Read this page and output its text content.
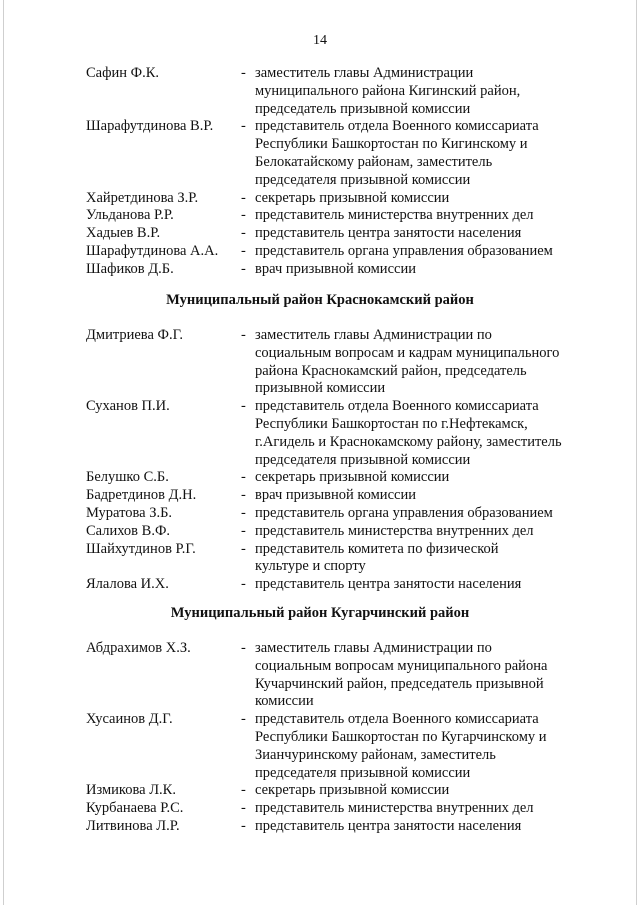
14
Сафин Ф.К.	- заместитель главы Администрации
муниципального района Кигинский район,
председатель призывной комиссии
Шарафутдинова В.Р.	- представитель отдела Военного комиссариата
Республики Башкортостан по Кигинскому и
Белокатайскому районам, заместитель
председателя призывной комиссии
Хайретдинова З.Р.	- секретарь призывной комиссии
Ульданова Р.Р.	- представитель министерства внутренних дел
Хадыев В.Р.	- представитель центра занятости населения
Шарафутдинова А.А.	- представитель органа управления образованием
Шафиков Д.Б.	- врач призывной комиссии
Муниципальный район Краснокамский район
Дмитриева Ф.Г.	- заместитель главы Администрации по
социальным вопросам и кадрам муниципального
района Краснокамский район, председатель
призывной комиссии
Суханов П.И.	- представитель отдела Военного комиссариата
Республики Башкортостан по г.Нефтекамск,
г.Агидель и Краснокамскому району, заместитель
председателя призывной комиссии
Белушко С.Б.	- секретарь призывной комиссии
Бадретдинов Д.Н.	- врач призывной комиссии
Муратова З.Б.	- представитель органа управления образованием
Салихов В.Ф.	- представитель министерства внутренних дел
Шайхутдинов Р.Г.	- представитель комитета по физической
культуре и спорту
Ялалова И.Х.	- представитель центра занятости населения
Муниципальный район Кугарчинский район
Абдрахимов Х.З.	- заместитель главы Администрации по
социальным вопросам муниципального района
Кучарчинский район, председатель призывной
комиссии
Хусаинов Д.Г.	- представитель отдела Военного комиссариата
Республики Башкортостан по Кугарчинскому и
Зианчуринскому районам, заместитель
председателя призывной комиссии
Измикова Л.К.	- секретарь призывной комиссии
Курбанаева Р.С.	- представитель министерства внутренних дел
Литвинова Л.Р.	- представитель центра занятости населения
